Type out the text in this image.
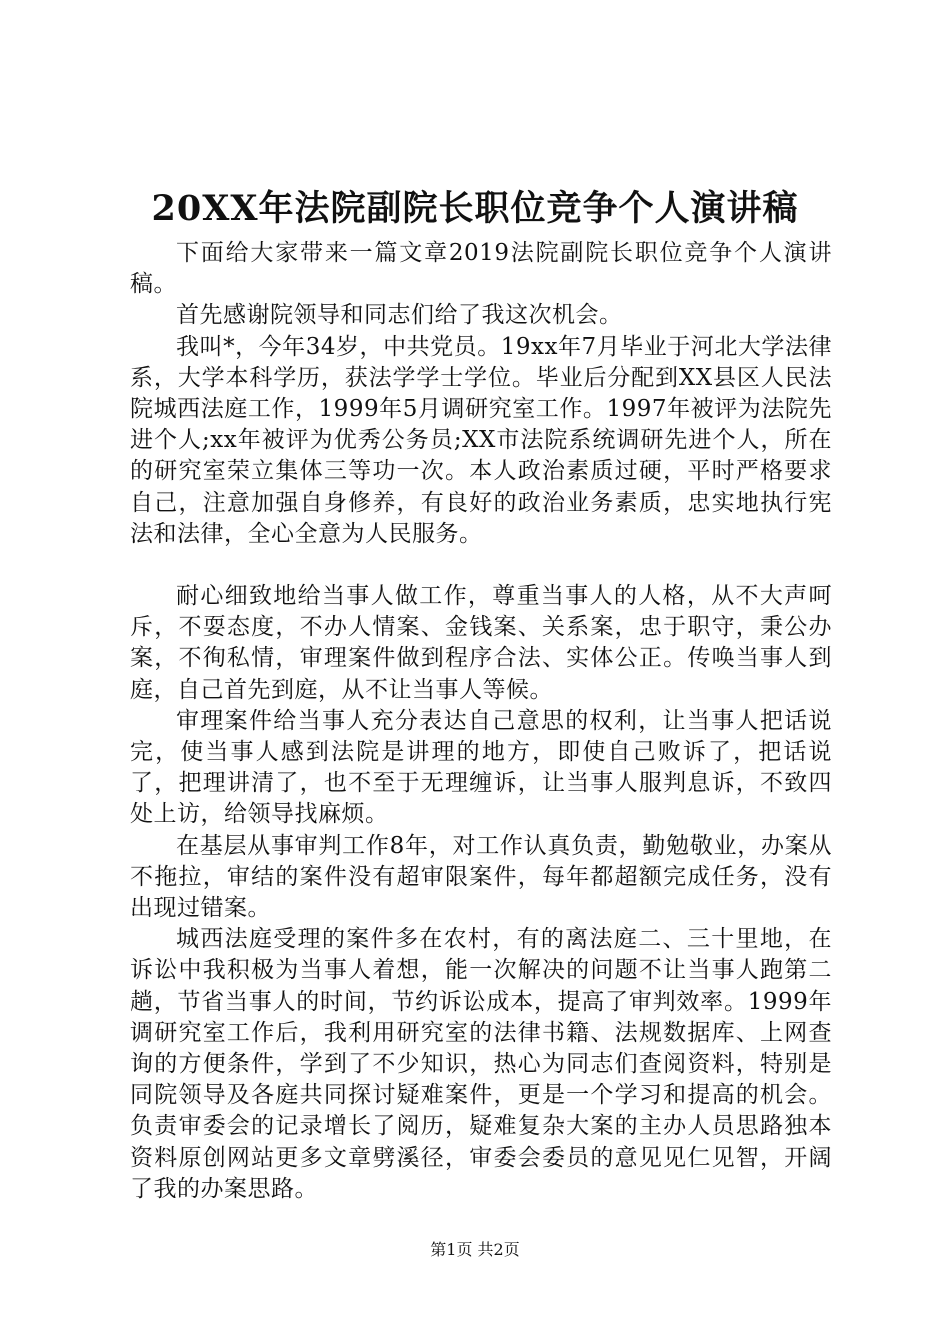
20XX年法院副院长职位竞争个人演讲稿

下面给大家带来一篇文章2019法院副院长职位竞争个人演讲稿。

首先感谢院领导和同志们给了我这次机会。

我叫*，今年34岁，中共党员。19xx年7月毕业于河北大学法律系，大学本科学历，获法学学士学位。毕业后分配到XX县区人民法院城西法庭工作，1999年5月调研究室工作。1997年被评为法院先进个人;xx年被评为优秀公务员;XX市法院系统调研先进个人，所在的研究室荣立集体三等功一次。本人政治素质过硬，平时严格要求自己，注意加强自身修养，有良好的政治业务素质，忠实地执行宪法和法律，全心全意为人民服务。

耐心细致地给当事人做工作，尊重当事人的人格，从不大声呵斥，不耍态度，不办人情案、金钱案、关系案，忠于职守，秉公办案，不徇私情，审理案件做到程序合法、实体公正。传唤当事人到庭，自己首先到庭，从不让当事人等候。

审理案件给当事人充分表达自己意思的权利，让当事人把话说完，使当事人感到法院是讲理的地方，即使自己败诉了，把话说了，把理讲清了，也不至于无理缠诉，让当事人服判息诉，不致四处上访，给领导找麻烦。

在基层从事审判工作8年，对工作认真负责，勤勉敬业，办案从不拖拉，审结的案件没有超审限案件，每年都超额完成任务，没有出现过错案。

城西法庭受理的案件多在农村，有的离法庭二、三十里地，在诉讼中我积极为当事人着想，能一次解决的问题不让当事人跑第二趟，节省当事人的时间，节约诉讼成本，提高了审判效率。1999年调研究室工作后，我利用研究室的法律书籍、法规数据库、上网查询的方便条件，学到了不少知识，热心为同志们查阅资料，特别是同院领导及各庭共同探讨疑难案件，更是一个学习和提高的机会。负责审委会的记录增长了阅历，疑难复杂大案的主办人员思路独本资料原创网站更多文章劈溪径，审委会委员的意见见仁见智，开阔了我的办案思路。

第1页 共2页
